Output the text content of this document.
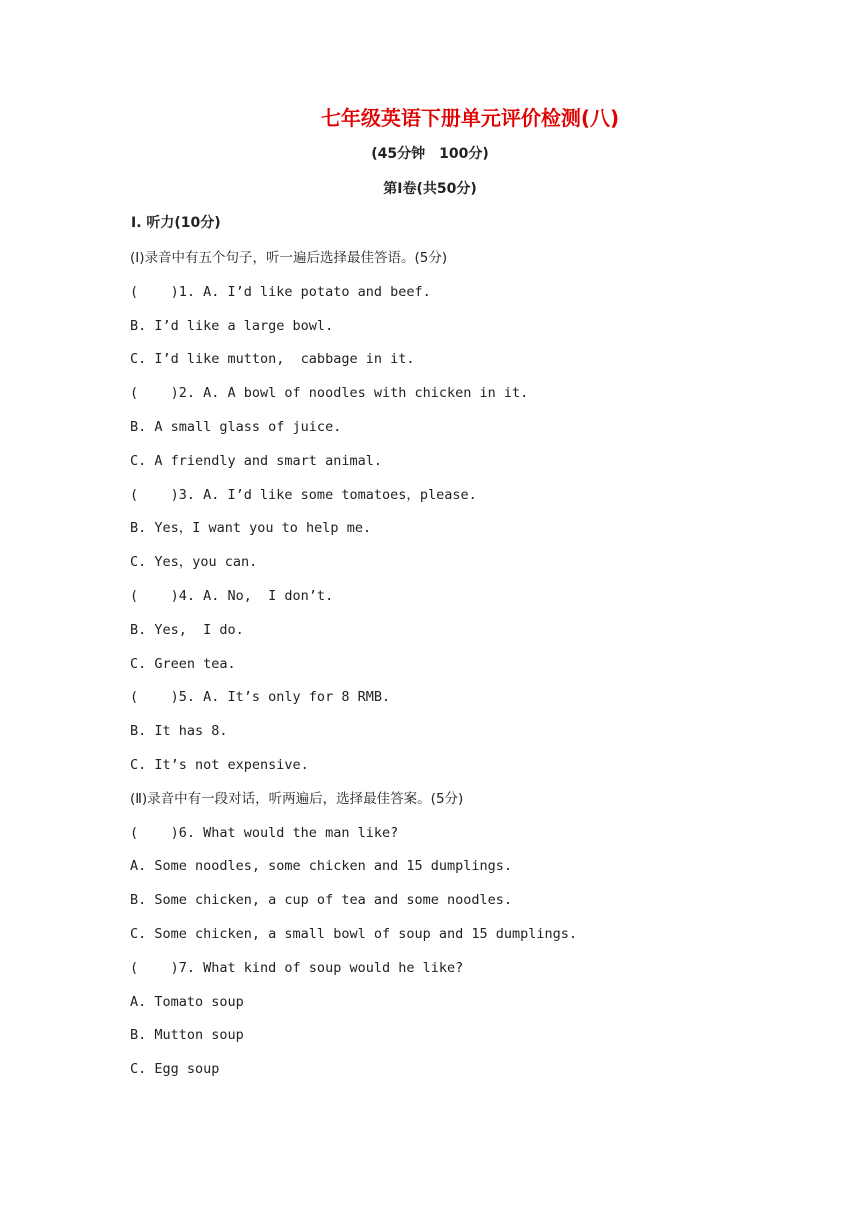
七年级英语下册单元评价检测(八)
(45分钟　100分)
第Ⅰ卷(共50分)
Ⅰ. 听力(10分)
(Ⅰ)录音中有五个句子，听一遍后选择最佳答语。(5分)
(    )1. A. I’d like potato and beef.
B. I’d like a large bowl.
C. I’d like mutton,  cabbage in it.
(    )2. A. A bowl of noodles with chicken in it.
B. A small glass of juice.
C. A friendly and smart animal.
(    )3. A. I’d like some tomatoes，please.
B. Yes，I want you to help me.
C. Yes，you can.
(    )4. A. No,  I don’t.
B. Yes,  I do.
C. Green tea.
(    )5. A. It’s only for 8 RMB.
B. It has 8.
C. It’s not expensive.
(Ⅱ)录音中有一段对话，听两遍后，选择最佳答案。(5分)
(    )6. What would the man like?
A. Some noodles, some chicken and 15 dumplings.
B. Some chicken, a cup of tea and some noodles.
C. Some chicken, a small bowl of soup and 15 dumplings.
(    )7. What kind of soup would he like?
A. Tomato soup
B. Mutton soup
C. Egg soup
